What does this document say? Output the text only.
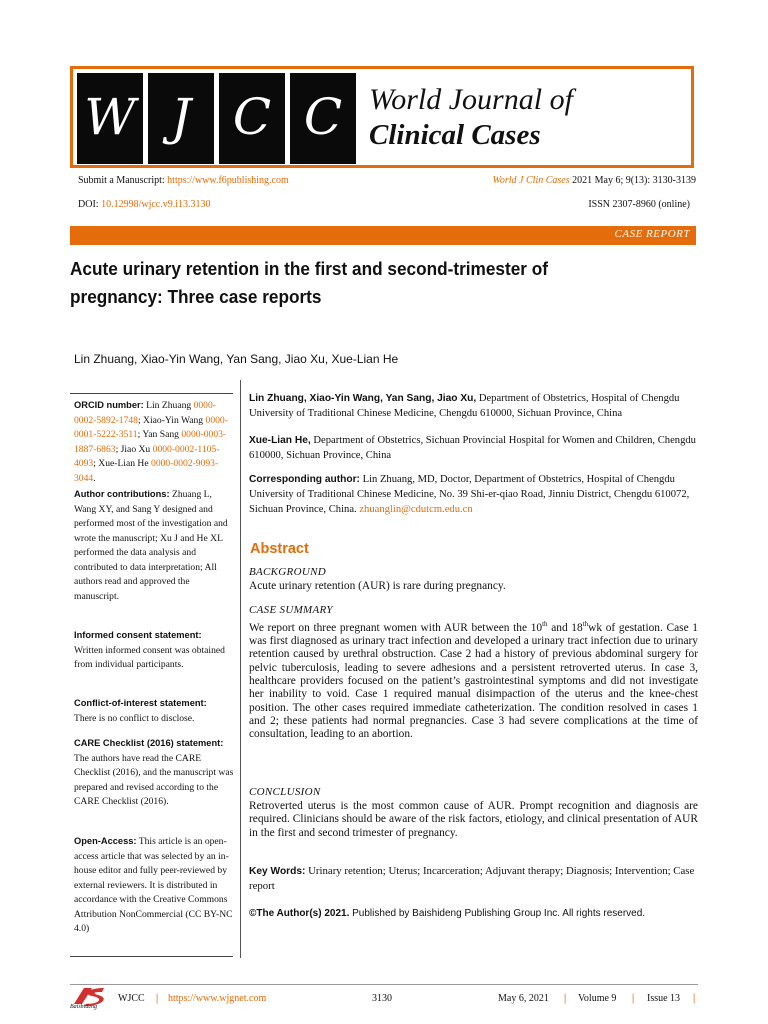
W J C C World Journal of
Clinical Cases
Submit a Manuscript: https://www.f6publishing.com	World J Clin Cases 2021 May 6; 9(13): 3130-3139
DOI: 10.12998/wjcc.v9.i13.3130	ISSN 2307-8960 (online)
CASE REPORT
Acute urinary retention in the first and second-trimester of
pregnancy: Three case reports
Lin Zhuang, Xiao-Yin Wang, Yan Sang, Jiao Xu, Xue-Lian He
ORCID number: Lin Zhuang 0000-0002-5892-1748; Xiao-Yin Wang 0000-0001-5222-3511; Yan Sang 0000-0003-1887-6863; Jiao Xu 0000-0002-1105-4093; Xue-Lian He 0000-0002-9093-3044.
Author contributions: Zhuang L, Wang XY, and Sang Y designed and performed most of the investigation and wrote the manuscript; Xu J and He XL performed the data analysis and contributed to data interpretation; All authors read and approved the manuscript.
Informed consent statement:
Written informed consent was obtained from individual participants.
Conflict-of-interest statement:
There is no conflict to disclose.
CARE Checklist (2016) statement:
The authors have read the CARE Checklist (2016), and the manuscript was prepared and revised according to the CARE Checklist (2016).
Open-Access: This article is an open-access article that was selected by an in-house editor and fully peer-reviewed by external reviewers. It is distributed in accordance with the Creative Commons Attribution NonCommercial (CC BY-NC 4.0)
Lin Zhuang, Xiao-Yin Wang, Yan Sang, Jiao Xu, Department of Obstetrics, Hospital of Chengdu University of Traditional Chinese Medicine, Chengdu 610000, Sichuan Province, China
Xue-Lian He, Department of Obstetrics, Sichuan Provincial Hospital for Women and Children, Chengdu 610000, Sichuan Province, China
Corresponding author: Lin Zhuang, MD, Doctor, Department of Obstetrics, Hospital of Chengdu University of Traditional Chinese Medicine, No. 39 Shi-er-qiao Road, Jinniu District, Chengdu 610072, Sichuan Province, China. zhuanglin@cdutcm.edu.cn
Abstract
BACKGROUND
Acute urinary retention (AUR) is rare during pregnancy.
CASE SUMMARY
We report on three pregnant women with AUR between the 10th and 18thwk of gestation. Case 1 was first diagnosed as urinary tract infection and developed a urinary tract infection due to urinary retention caused by urethral obstruction. Case 2 had a history of previous abdominal surgery for pelvic tuberculosis, leading to severe adhesions and a persistent retroverted uterus. In case 3, healthcare providers focused on the patient’s gastrointestinal symptoms and did not investigate her inability to void. Case 1 required manual disimpaction of the uterus and the knee-chest position. The other cases required immediate catheterization. The condition resolved in cases 1 and 2; these patients had normal pregnancies. Case 3 had severe complications at the time of consultation, leading to an abortion.
CONCLUSION
Retroverted uterus is the most common cause of AUR. Prompt recognition and diagnosis are required. Clinicians should be aware of the risk factors, etiology, and clinical presentation of AUR in the first and second trimester of pregnancy.
Key Words: Urinary retention; Uterus; Incarceration; Adjuvant therapy; Diagnosis; Intervention; Case report
©The Author(s) 2021. Published by Baishideng Publishing Group Inc. All rights reserved.
Baishideng
WJCC | https://www.wjgnet.com	3130	May 6, 2021 | Volume 9 | Issue 13 |
